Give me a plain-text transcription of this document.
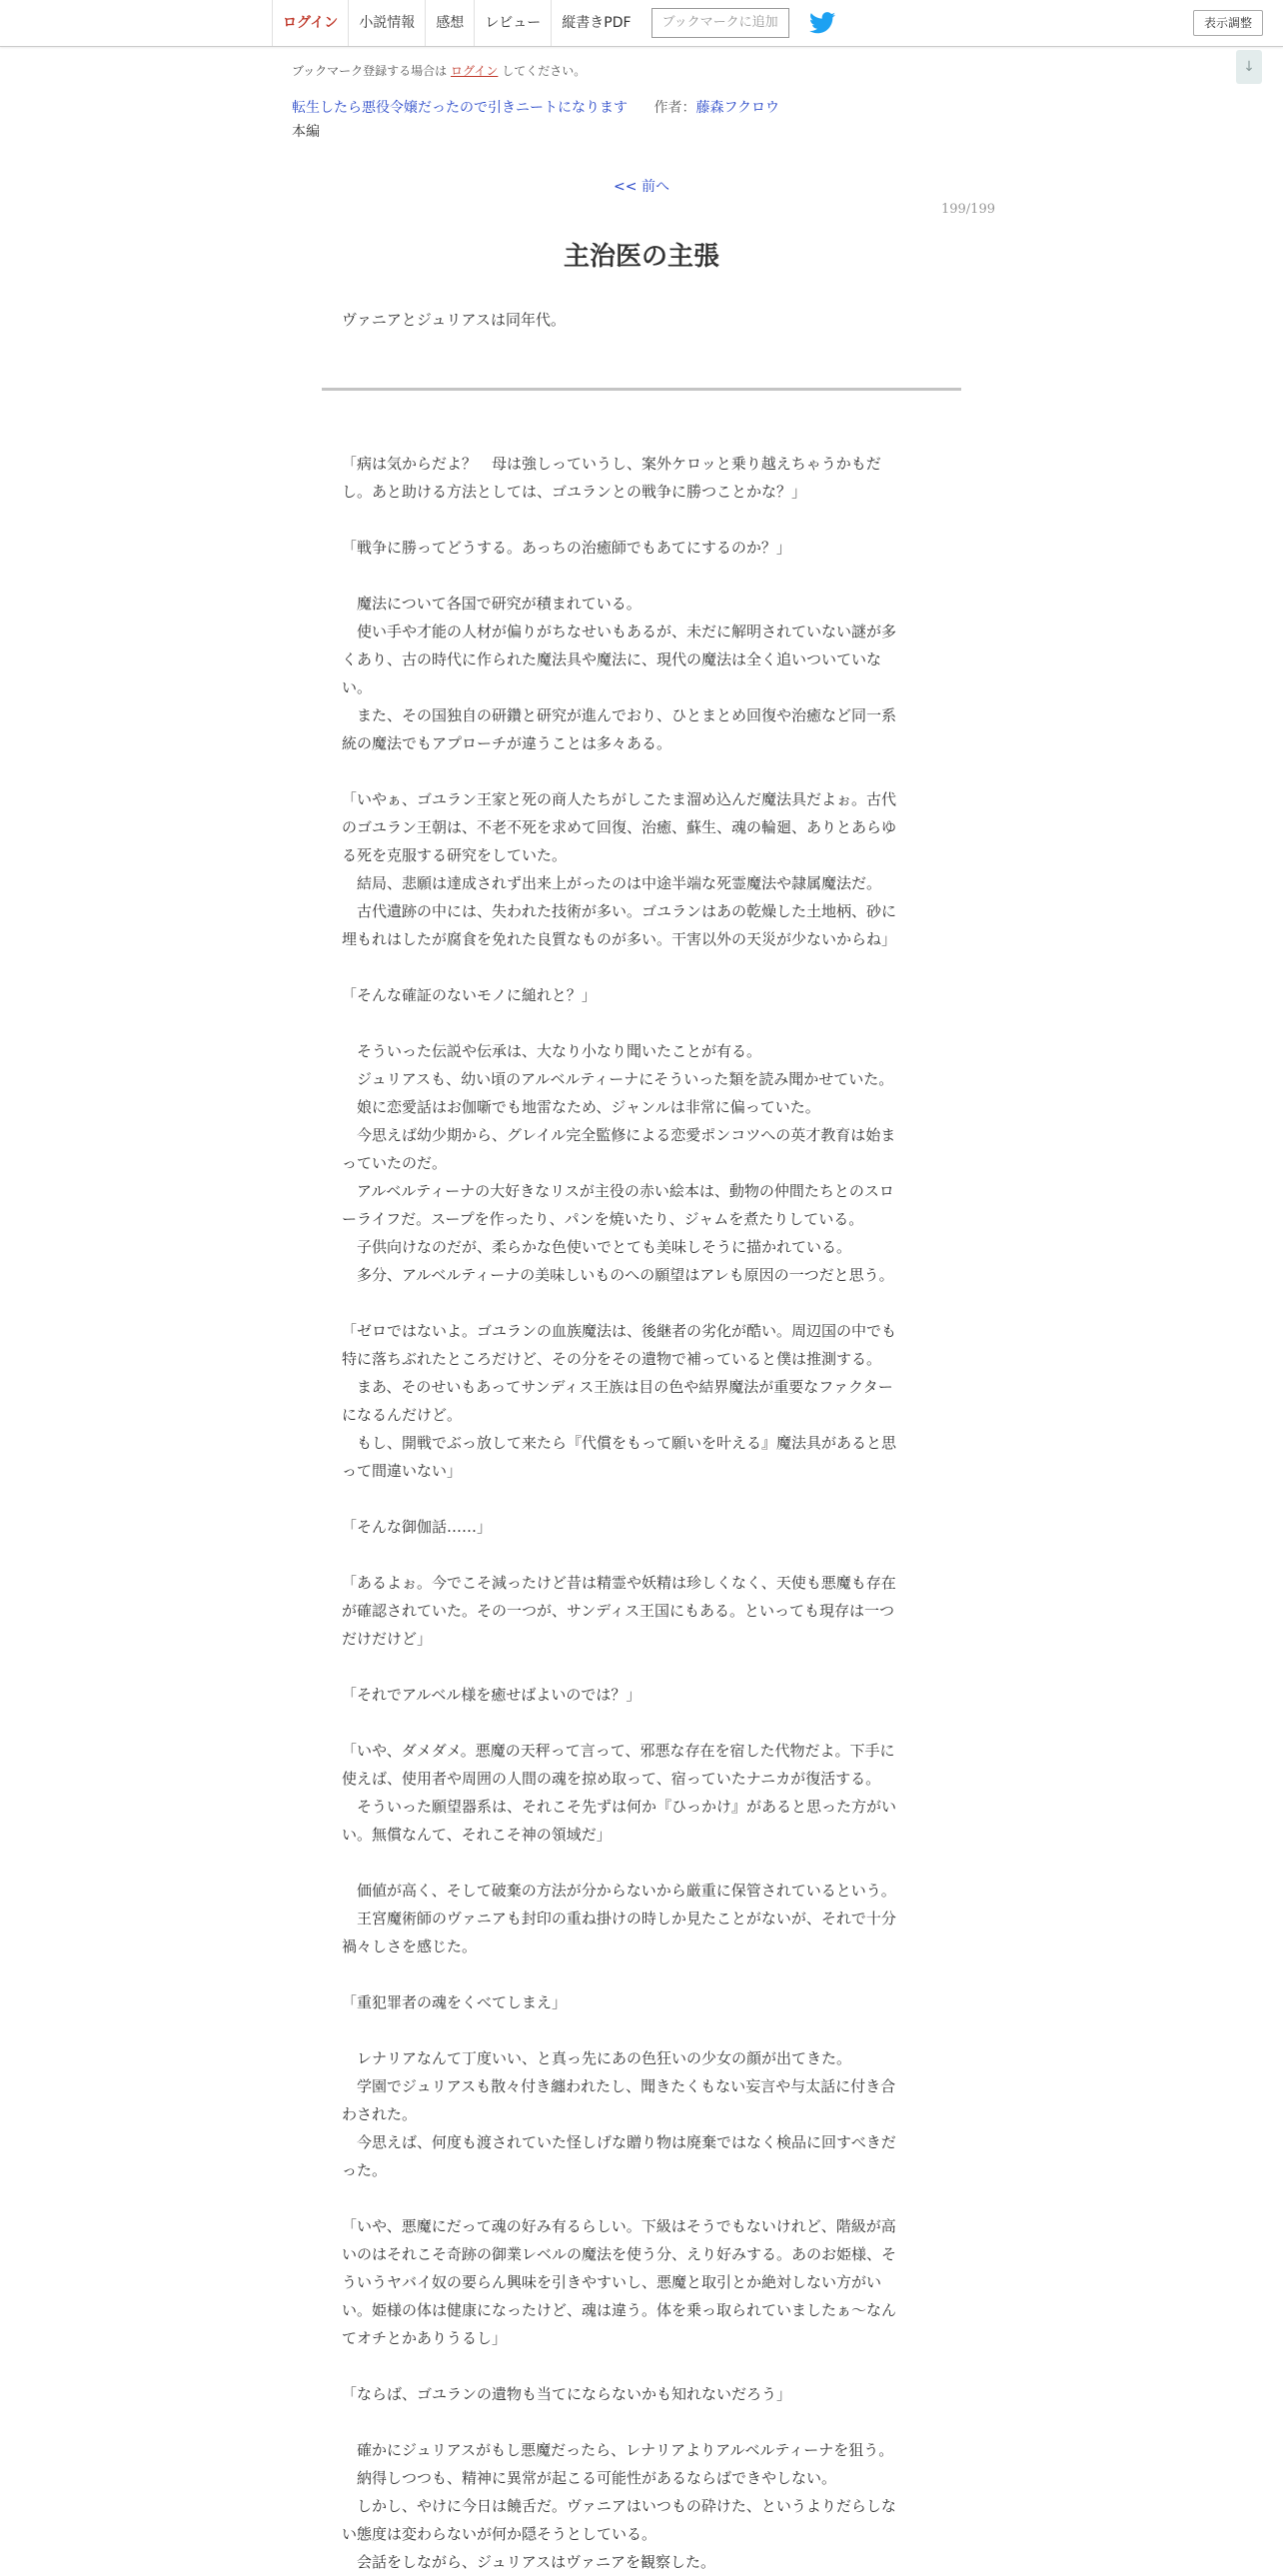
ログイン	小説情報	感想	レビュー	縦書きPDF	ブックマークに追加	表示調整
↓
ブックマーク登録する場合は ログイン してください。
転生したら悪役令嬢だったので引きニートになります 作者：藤森フクロウ
本編
<< 前へ
199/199
主治医の主張
ヴァニアとジュリアスは同年代。

「病は気からだよ？　母は強しっていうし、案外ケロッと乗り越えちゃうかもだ

し。あと助ける方法としては、ゴユランとの戦争に勝つことかな？」

「戦争に勝ってどうする。あっちの治癒師でもあてにするのか？」

　魔法について各国で研究が積まれている。

　使い手や才能の人材が偏りがちなせいもあるが、未だに解明されていない謎が多

くあり、古の時代に作られた魔法具や魔法に、現代の魔法は全く追いついていな

い。

　また、その国独自の研鑽と研究が進んでおり、ひとまとめ回復や治癒など同一系

統の魔法でもアプローチが違うことは多々ある。

「いやぁ、ゴユラン王家と死の商人たちがしこたま溜め込んだ魔法具だよぉ。古代

のゴユラン王朝は、不老不死を求めて回復、治癒、蘇生、魂の輪廻、ありとあらゆ

る死を克服する研究をしていた。

　結局、悲願は達成されず出来上がったのは中途半端な死霊魔法や隷属魔法だ。

　古代遺跡の中には、失われた技術が多い。ゴユランはあの乾燥した土地柄、砂に

埋もれはしたが腐食を免れた良質なものが多い。干害以外の天災が少ないからね」

「そんな確証のないモノに縋れと？」

　そういった伝説や伝承は、大なり小なり聞いたことが有る。

　ジュリアスも、幼い頃のアルベルティーナにそういった類を読み聞かせていた。

　娘に恋愛話はお伽噺でも地雷なため、ジャンルは非常に偏っていた。

　今思えば幼少期から、グレイル完全監修による恋愛ポンコツへの英才教育は始ま

っていたのだ。

　アルベルティーナの大好きなリスが主役の赤い絵本は、動物の仲間たちとのスロ

ーライフだ。スープを作ったり、パンを焼いたり、ジャムを煮たりしている。

　子供向けなのだが、柔らかな色使いでとても美味しそうに描かれている。

　多分、アルベルティーナの美味しいものへの願望はアレも原因の一つだと思う。

「ゼロではないよ。ゴユランの血族魔法は、後継者の劣化が酷い。周辺国の中でも

特に落ちぶれたところだけど、その分をその遺物で補っていると僕は推測する。

　まあ、そのせいもあってサンディス王族は目の色や結界魔法が重要なファクター

になるんだけど。

　もし、開戦でぶっ放して来たら『代償をもって願いを叶える』魔法具があると思

って間違いない」

「そんな御伽話……」

「あるよぉ。今でこそ減ったけど昔は精霊や妖精は珍しくなく、天使も悪魔も存在

が確認されていた。その一つが、サンディス王国にもある。といっても現存は一つ

だけだけど」

「それでアルベル様を癒せばよいのでは？」

「いや、ダメダメ。悪魔の天秤って言って、邪悪な存在を宿した代物だよ。下手に

使えば、使用者や周囲の人間の魂を掠め取って、宿っていたナニカが復活する。

　そういった願望器系は、それこそ先ずは何か『ひっかけ』があると思った方がい

い。無償なんて、それこそ神の領域だ」

　価値が高く、そして破棄の方法が分からないから厳重に保管されているという。

　王宮魔術師のヴァニアも封印の重ね掛けの時しか見たことがないが、それで十分

禍々しさを感じた。

「重犯罪者の魂をくべてしまえ」

　レナリアなんて丁度いい、と真っ先にあの色狂いの少女の顔が出てきた。

　学園でジュリアスも散々付き纏われたし、聞きたくもない妄言や与太話に付き合

わされた。

　今思えば、何度も渡されていた怪しげな贈り物は廃棄ではなく検品に回すべきだ

った。

「いや、悪魔にだって魂の好み有るらしい。下級はそうでもないけれど、階級が高

いのはそれこそ奇跡の御業レベルの魔法を使う分、えり好みする。あのお姫様、そ

ういうヤバイ奴の要らん興味を引きやすいし、悪魔と取引とか絶対しない方がい

い。姫様の体は健康になったけど、魂は違う。体を乗っ取られていましたぁ～なん

てオチとかありうるし」

「ならば、ゴユランの遺物も当てにならないかも知れないだろう」

　確かにジュリアスがもし悪魔だったら、レナリアよりアルベルティーナを狙う。

　納得しつつも、精神に異常が起こる可能性があるならばできやしない。

　しかし、やけに今日は饒舌だ。ヴァニアはいつもの砕けた、というよりだらしな

い態度は変わらないが何か隠そうとしている。

　会話をしながら、ジュリアスはヴァニアを観察した。
